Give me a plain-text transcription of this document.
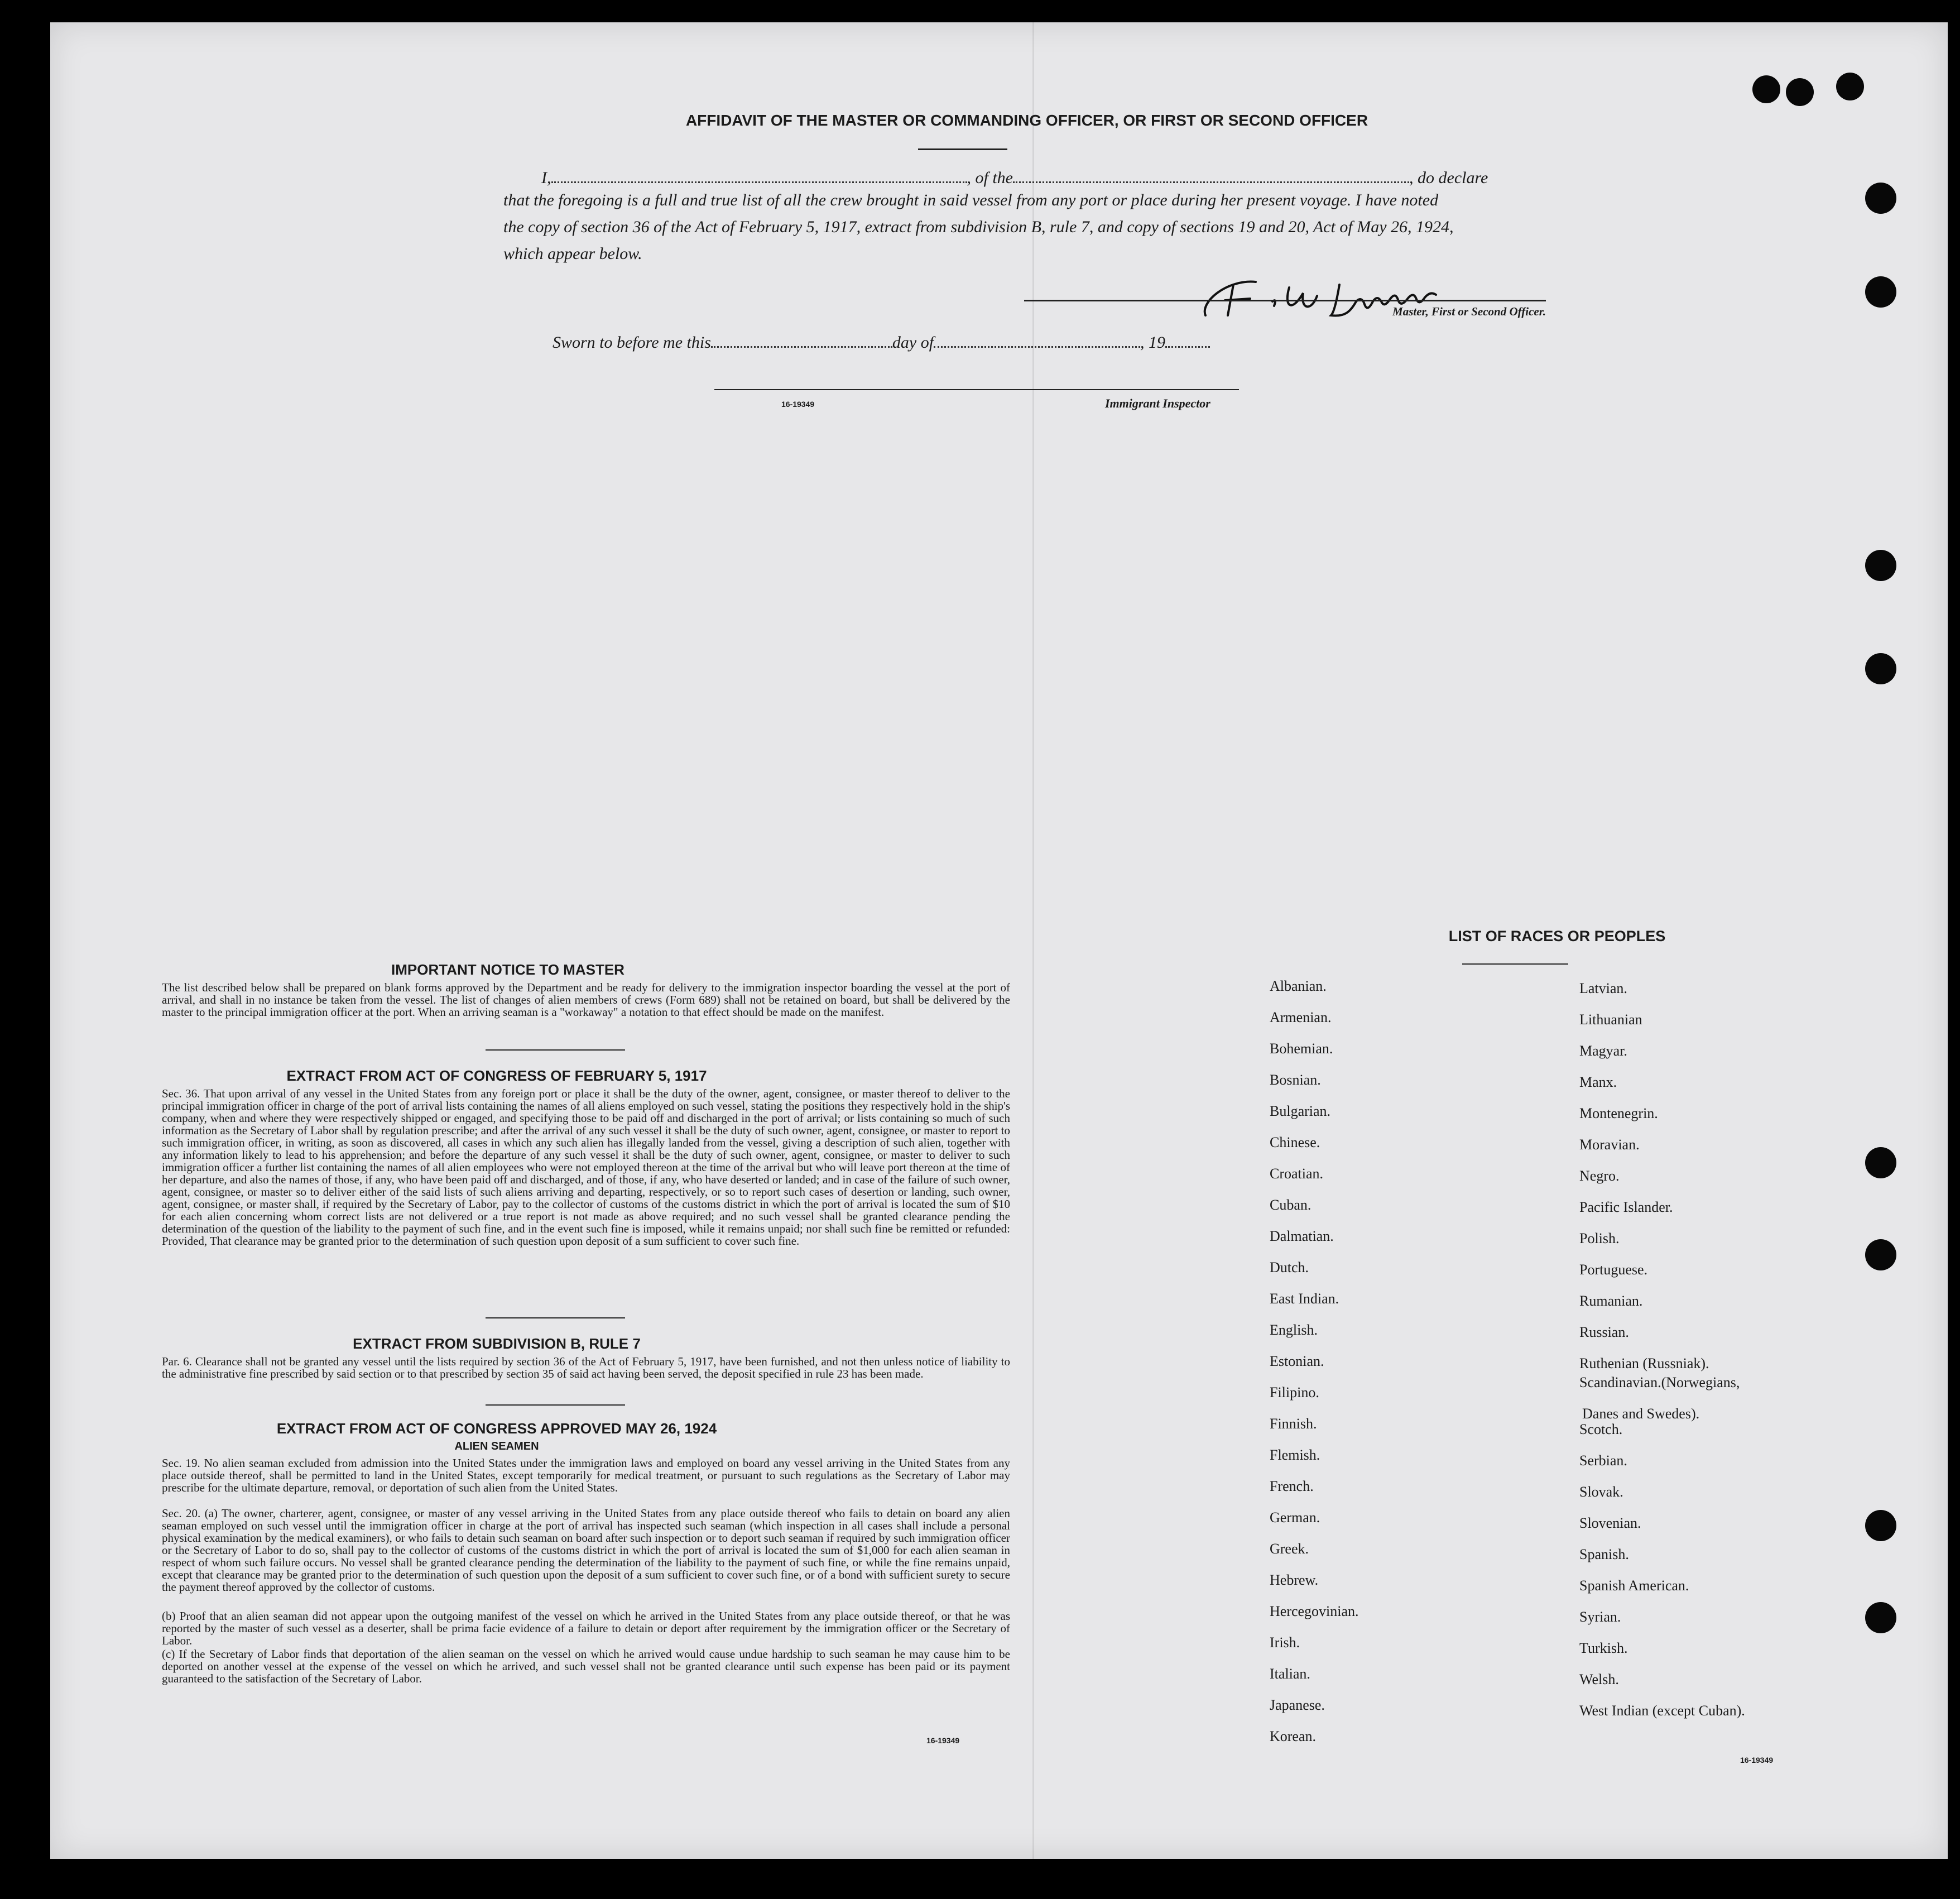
AFFIDAVIT OF THE MASTER OR COMMANDING OFFICER, OR FIRST OR SECOND OFFICER
I,	, of the	, do declare
that the foregoing is a full and true list of all the crew brought in said vessel from any port or place during her present voyage. I have noted
the copy of section 36 of the Act of February 5, 1917, extract from subdivision B, rule 7, and copy of sections 19 and 20, Act of May 26, 1924,
which appear below.
Master, First or Second Officer.
Sworn to before me this	day of	, 19
16-19349	Immigrant Inspector
IMPORTANT NOTICE TO MASTER
The list described below shall be prepared on blank forms approved by the Department and be ready for delivery to the immigration inspector boarding the vessel at the port of arrival, and shall in no instance be taken from the vessel. The list of changes of alien members of crews (Form 689) shall not be retained on board, but shall be delivered by the master to the principal immigration officer at the port. When an arriving seaman is a "workaway" a notation to that effect should be made on the manifest.
EXTRACT FROM ACT OF CONGRESS OF FEBRUARY 5, 1917
Sec. 36. That upon arrival of any vessel in the United States from any foreign port or place it shall be the duty of the owner, agent, consignee, or master thereof to deliver to the principal immigration officer in charge of the port of arrival lists containing the names of all aliens employed on such vessel, stating the positions they respectively hold in the ship's company, when and where they were respectively shipped or engaged, and specifying those to be paid off and discharged in the port of arrival; or lists containing so much of such information as the Secretary of Labor shall by regulation prescribe; and after the arrival of any such vessel it shall be the duty of such owner, agent, consignee, or master to report to such immigration officer, in writing, as soon as discovered, all cases in which any such alien has illegally landed from the vessel, giving a description of such alien, together with any information likely to lead to his apprehension; and before the departure of any such vessel it shall be the duty of such owner, agent, consignee, or master to deliver to such immigration officer a further list containing the names of all alien employees who were not employed thereon at the time of the arrival but who will leave port thereon at the time of her departure, and also the names of those, if any, who have been paid off and discharged, and of those, if any, who have deserted or landed; and in case of the failure of such owner, agent, consignee, or master so to deliver either of the said lists of such aliens arriving and departing, respectively, or so to report such cases of desertion or landing, such owner, agent, consignee, or master shall, if required by the Secretary of Labor, pay to the collector of customs of the customs district in which the port of arrival is located the sum of $10 for each alien concerning whom correct lists are not delivered or a true report is not made as above required; and no such vessel shall be granted clearance pending the determination of the question of the liability to the payment of such fine, and in the event such fine is imposed, while it remains unpaid; nor shall such fine be remitted or refunded: Provided, That clearance may be granted prior to the determination of such question upon deposit of a sum sufficient to cover such fine.
EXTRACT FROM SUBDIVISION B, RULE 7
Par. 6. Clearance shall not be granted any vessel until the lists required by section 36 of the Act of February 5, 1917, have been furnished, and not then unless notice of liability to the administrative fine prescribed by said section or to that prescribed by section 35 of said act having been served, the deposit specified in rule 23 has been made.
EXTRACT FROM ACT OF CONGRESS APPROVED MAY 26, 1924
ALIEN SEAMEN
Sec. 19. No alien seaman excluded from admission into the United States under the immigration laws and employed on board any vessel arriving in the United States from any place outside thereof, shall be permitted to land in the United States, except temporarily for medical treatment, or pursuant to such regulations as the Secretary of Labor may prescribe for the ultimate departure, removal, or deportation of such alien from the United States.
Sec. 20. (a) The owner, charterer, agent, consignee, or master of any vessel arriving in the United States from any place outside thereof who fails to detain on board any alien seaman employed on such vessel until the immigration officer in charge at the port of arrival has inspected such seaman (which inspection in all cases shall include a personal physical examination by the medical examiners), or who fails to detain such seaman on board after such inspection or to deport such seaman if required by such immigration officer or the Secretary of Labor to do so, shall pay to the collector of customs of the customs district in which the port of arrival is located the sum of $1,000 for each alien seaman in respect of whom such failure occurs. No vessel shall be granted clearance pending the determination of the liability to the payment of such fine, or while the fine remains unpaid, except that clearance may be granted prior to the determination of such question upon the deposit of a sum sufficient to cover such fine, or of a bond with sufficient surety to secure the payment thereof approved by the collector of customs.
(b) Proof that an alien seaman did not appear upon the outgoing manifest of the vessel on which he arrived in the United States from any place outside thereof, or that he was reported by the master of such vessel as a deserter, shall be prima facie evidence of a failure to detain or deport after requirement by the immigration officer or the Secretary of Labor.
(c) If the Secretary of Labor finds that deportation of the alien seaman on the vessel on which he arrived would cause undue hardship to such seaman he may cause him to be deported on another vessel at the expense of the vessel on which he arrived, and such vessel shall not be granted clearance until such expense has been paid or its payment guaranteed to the satisfaction of the Secretary of Labor.
16-19349
LIST OF RACES OR PEOPLES
Danes and Swedes).
16-19349
Albanian.
Armenian.
Bohemian.
Bosnian.
Bulgarian.
Chinese.
Croatian.
Cuban.
Dalmatian.
Dutch.
East Indian.
English.
Estonian.
Filipino.
Finnish.
Flemish.
French.
German.
Greek.
Hebrew.
Hercegovinian.
Irish.
Italian.
Japanese.
Korean.
Latvian.
Lithuanian
Magyar.
Manx.
Montenegrin.
Moravian.
Negro.
Pacific Islander.
Polish.
Portuguese.
Rumanian.
Russian.
Ruthenian (Russniak).
Scandinavian.(Norwegians,
Scotch.
Serbian.
Slovak.
Slovenian.
Spanish.
Spanish American.
Syrian.
Turkish.
Welsh.
West Indian (except Cuban).
